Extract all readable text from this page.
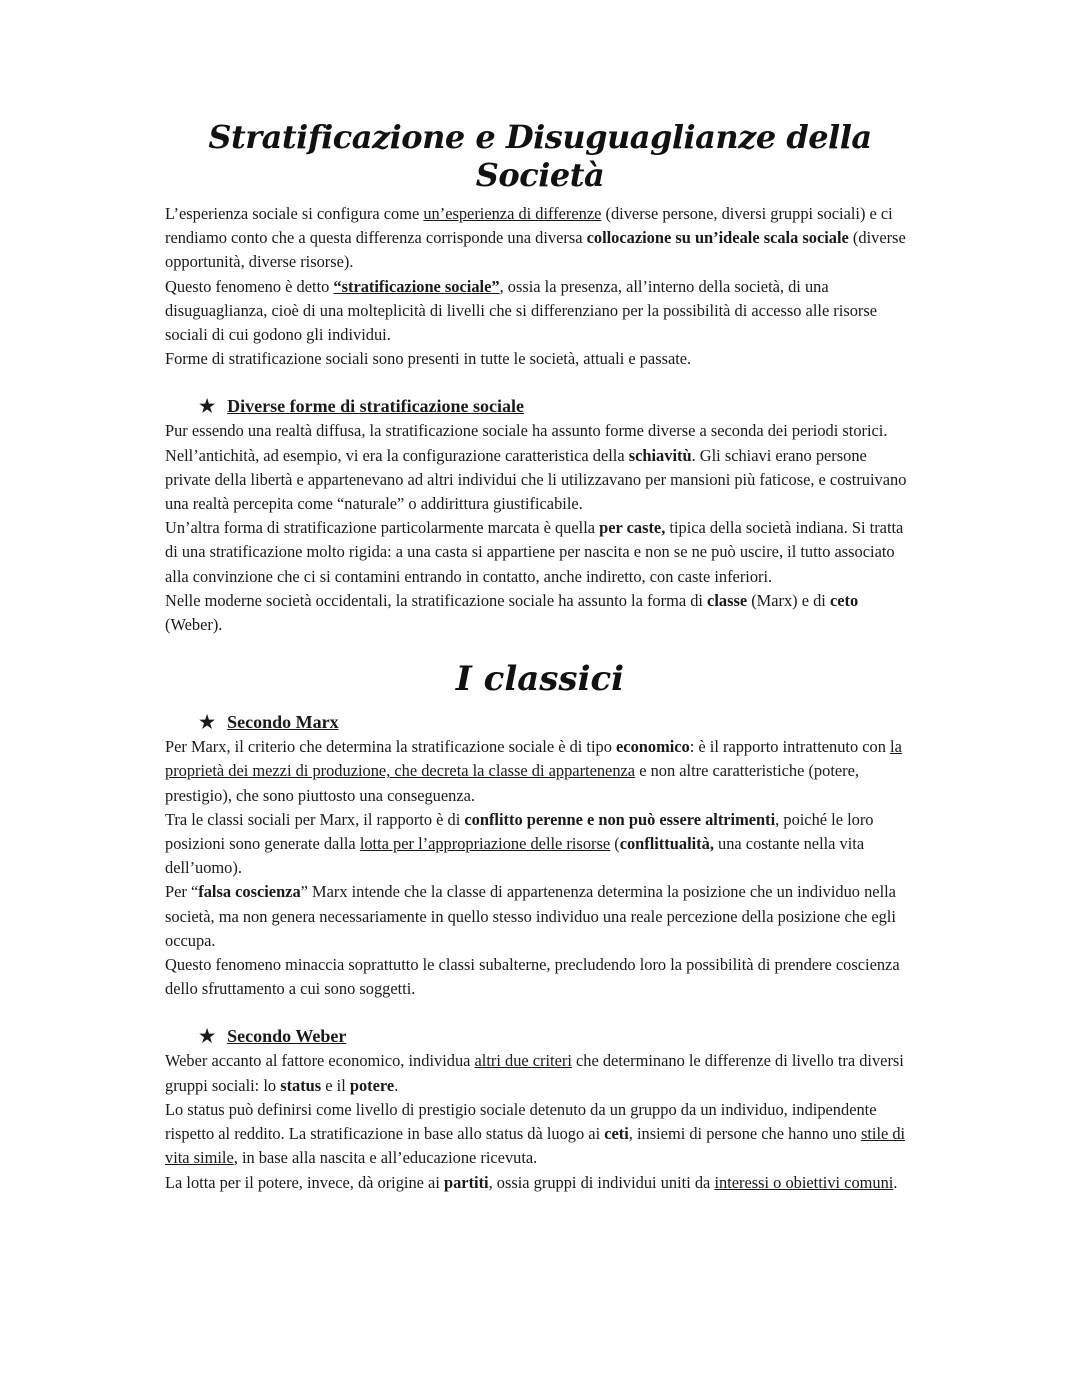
Stratificazione e Disuguaglianze della Società

L’esperienza sociale si configura come un’esperienza di differenze (diverse persone, diversi gruppi sociali) e ci rendiamo conto che a questa differenza corrisponde una diversa collocazione su un’ideale scala sociale (diverse opportunità, diverse risorse).

Questo fenomeno è detto “stratificazione sociale”, ossia la presenza, all’interno della società, di una disuguaglianza, cioè di una molteplicità di livelli che si differenziano per la possibilità di accesso alle risorse sociali di cui godono gli individui.

Forme di stratificazione sociali sono presenti in tutte le società, attuali e passate.

★ Diverse forme di stratificazione sociale

Pur essendo una realtà diffusa, la stratificazione sociale ha assunto forme diverse a seconda dei periodi storici.

Nell’antichità, ad esempio, vi era la configurazione caratteristica della schiavitù. Gli schiavi erano persone private della libertà e appartenevano ad altri individui che li utilizzavano per mansioni più faticose, e costruivano una realtà percepita come “naturale” o addirittura giustificabile.

Un’altra forma di stratificazione particolarmente marcata è quella per caste, tipica della società indiana. Si tratta di una stratificazione molto rigida: a una casta si appartiene per nascita e non se ne può uscire, il tutto associato alla convinzione che ci si contamini entrando in contatto, anche indiretto, con caste inferiori.

Nelle moderne società occidentali, la stratificazione sociale ha assunto la forma di classe (Marx) e di ceto (Weber).

I classici
★ Secondo Marx

Per Marx, il criterio che determina la stratificazione sociale è di tipo economico: è il rapporto intrattenuto con la proprietà dei mezzi di produzione, che decreta la classe di appartenenza e non altre caratteristiche (potere, prestigio), che sono piuttosto una conseguenza.

Tra le classi sociali per Marx, il rapporto è di conflitto perenne e non può essere altrimenti, poiché le loro posizioni sono generate dalla lotta per l’appropriazione delle risorse (conflittualità, una costante nella vita dell’uomo).

Per “falsa coscienza” Marx intende che la classe di appartenenza determina la posizione che un individuo nella società, ma non genera necessariamente in quello stesso individuo una reale percezione della posizione che egli occupa.

Questo fenomeno minaccia soprattutto le classi subalterne, precludendo loro la possibilità di prendere coscienza dello sfruttamento a cui sono soggetti.

★ Secondo Weber

Weber accanto al fattore economico, individua altri due criteri che determinano le differenze di livello tra diversi gruppi sociali: lo status e il potere.

Lo status può definirsi come livello di prestigio sociale detenuto da un gruppo da un individuo, indipendente rispetto al reddito. La stratificazione in base allo status dà luogo ai ceti, insiemi di persone che hanno uno stile di vita simile, in base alla nascita e all’educazione ricevuta.

La lotta per il potere, invece, dà origine ai partiti, ossia gruppi di individui uniti da interessi o obiettivi comuni.
